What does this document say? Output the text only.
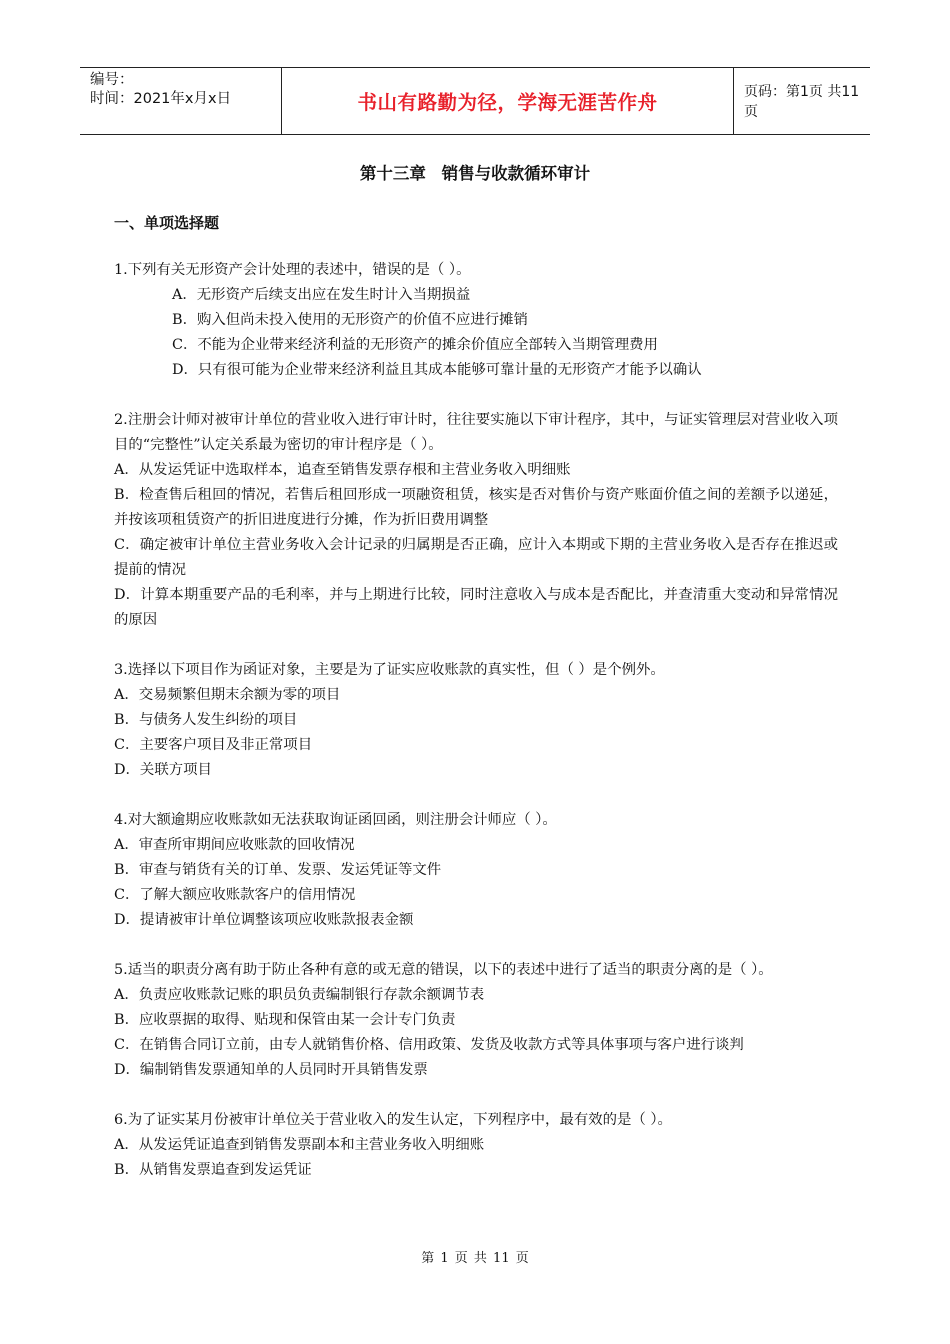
编号：
时间：2021年x月x日	书山有路勤为径，学海无涯苦作舟	页码：第1页 共11页
第十三章 销售与收款循环审计
一、单项选择题
1.下列有关无形资产会计处理的表述中，错误的是（ ）。
A．无形资产后续支出应在发生时计入当期损益
B．购入但尚未投入使用的无形资产的价值不应进行摊销
C．不能为企业带来经济利益的无形资产的摊余价值应全部转入当期管理费用
D．只有很可能为企业带来经济利益且其成本能够可靠计量的无形资产才能予以确认
2.注册会计师对被审计单位的营业收入进行审计时，往往要实施以下审计程序，其中，与证实管理层对营业收入项目的“完整性”认定关系最为密切的审计程序是（ ）。
A．从发运凭证中选取样本，追查至销售发票存根和主营业务收入明细账
B．检查售后租回的情况，若售后租回形成一项融资租赁，核实是否对售价与资产账面价值之间的差额予以递延，并按该项租赁资产的折旧进度进行分摊，作为折旧费用调整
C．确定被审计单位主营业务收入会计记录的归属期是否正确，应计入本期或下期的主营业务收入是否存在推迟或提前的情况
D．计算本期重要产品的毛利率，并与上期进行比较，同时注意收入与成本是否配比，并查清重大变动和异常情况的原因
3.选择以下项目作为函证对象，主要是为了证实应收账款的真实性，但（ ）是个例外。
A．交易频繁但期末余额为零的项目
B．与债务人发生纠纷的项目
C．主要客户项目及非正常项目
D．关联方项目
4.对大额逾期应收账款如无法获取询证函回函，则注册会计师应（ ）。
A．审查所审期间应收账款的回收情况
B．审查与销货有关的订单、发票、发运凭证等文件
C．了解大额应收账款客户的信用情况
D．提请被审计单位调整该项应收账款报表金额
5.适当的职责分离有助于防止各种有意的或无意的错误，以下的表述中进行了适当的职责分离的是（ ）。
A．负责应收账款记账的职员负责编制银行存款余额调节表
B．应收票据的取得、贴现和保管由某一会计专门负责
C．在销售合同订立前，由专人就销售价格、信用政策、发货及收款方式等具体事项与客户进行谈判
D．编制销售发票通知单的人员同时开具销售发票
6.为了证实某月份被审计单位关于营业收入的发生认定，下列程序中，最有效的是（ ）。
A．从发运凭证追查到销售发票副本和主营业务收入明细账
B．从销售发票追查到发运凭证
第 1 页 共 11 页
